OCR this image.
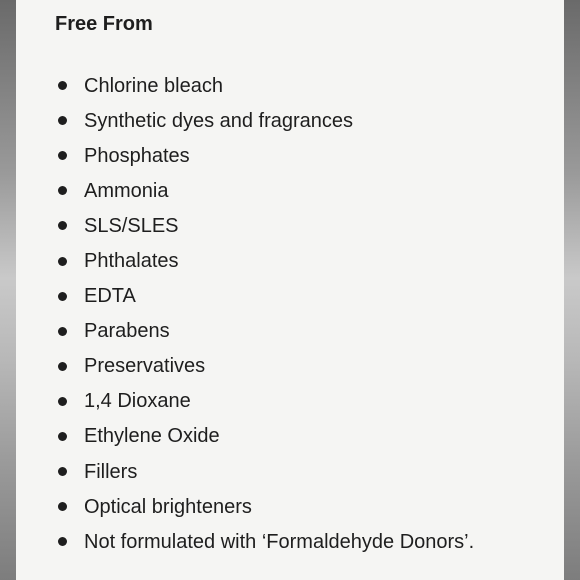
Free From
Chlorine bleach
Synthetic dyes and fragrances
Phosphates
Ammonia
SLS/SLES
Phthalates
EDTA
Parabens
Preservatives
1,4 Dioxane
Ethylene Oxide
Fillers
Optical brighteners
Not formulated with ‘Formaldehyde Donors’.
